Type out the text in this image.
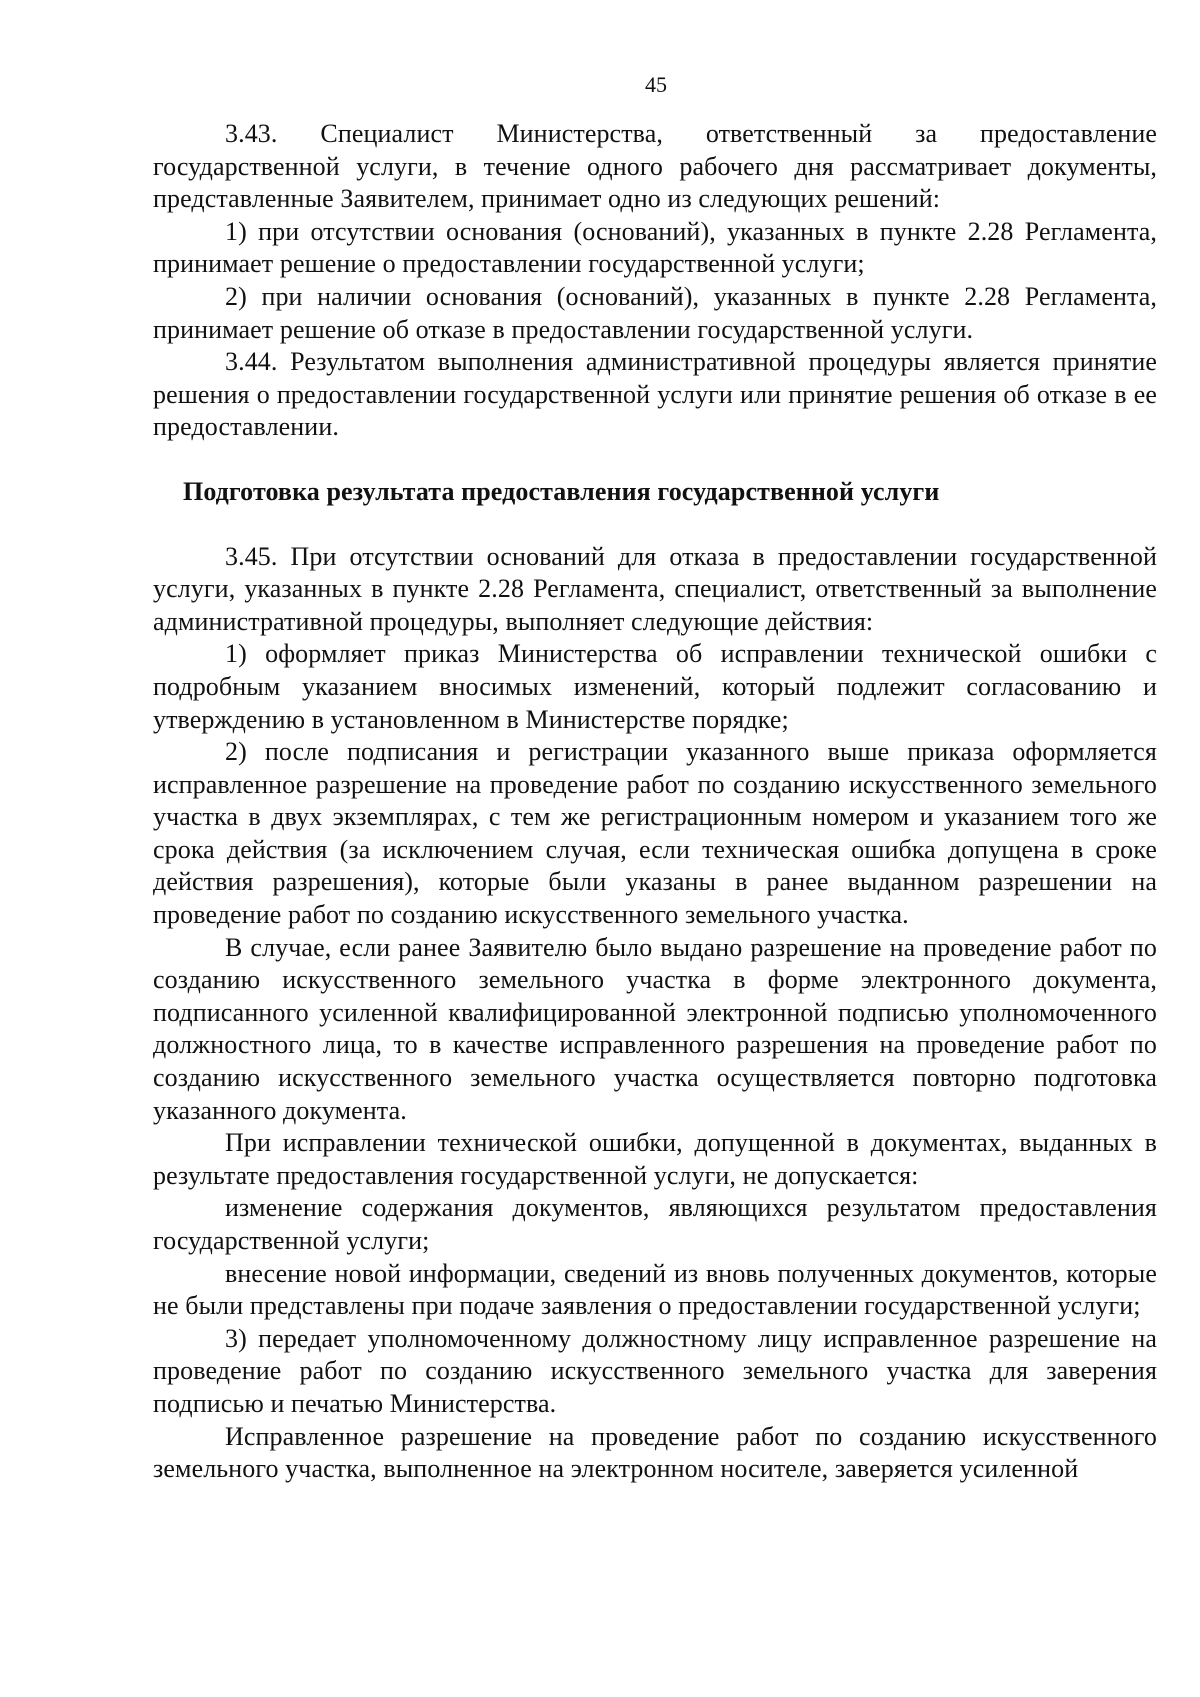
45

3.43. Специалист Министерства, ответственный за предоставление государственной услуги, в течение одного рабочего дня рассматривает документы, представленные Заявителем, принимает одно из следующих решений:

1) при отсутствии основания (оснований), указанных в пункте 2.28 Регламента, принимает решение о предоставлении государственной услуги;

2) при наличии основания (оснований), указанных в пункте 2.28 Регламента, принимает решение об отказе в предоставлении государственной услуги.

3.44. Результатом выполнения административной процедуры является принятие решения о предоставлении государственной услуги или принятие решения об отказе в ее предоставлении.

Подготовка результата предоставления государственной услуги

3.45. При отсутствии оснований для отказа в предоставлении государственной услуги, указанных в пункте 2.28 Регламента, специалист, ответственный за выполнение административной процедуры, выполняет следующие действия:

1) оформляет приказ Министерства об исправлении технической ошибки с подробным указанием вносимых изменений, который подлежит согласованию и утверждению в установленном в Министерстве порядке;

2) после подписания и регистрации указанного выше приказа оформляется исправленное разрешение на проведение работ по созданию искусственного земельного участка в двух экземплярах, с тем же регистрационным номером и указанием того же срока действия (за исключением случая, если техническая ошибка допущена в сроке действия разрешения), которые были указаны в ранее выданном разрешении на проведение работ по созданию искусственного земельного участка.

В случае, если ранее Заявителю было выдано разрешение на проведение работ по созданию искусственного земельного участка в форме электронного документа, подписанного усиленной квалифицированной электронной подписью уполномоченного должностного лица, то в качестве исправленного разрешения на проведение работ по созданию искусственного земельного участка осуществляется повторно подготовка указанного документа.

При исправлении технической ошибки, допущенной в документах, выданных в результате предоставления государственной услуги, не допускается:

изменение содержания документов, являющихся результатом предоставления государственной услуги;

внесение новой информации, сведений из вновь полученных документов, которые не были представлены при подаче заявления о предоставлении государственной услуги;

3) передает уполномоченному должностному лицу исправленное разрешение на проведение работ по созданию искусственного земельного участка для заверения подписью и печатью Министерства.

Исправленное разрешение на проведение работ по созданию искусственного земельного участка, выполненное на электронном носителе, заверяется усиленной
